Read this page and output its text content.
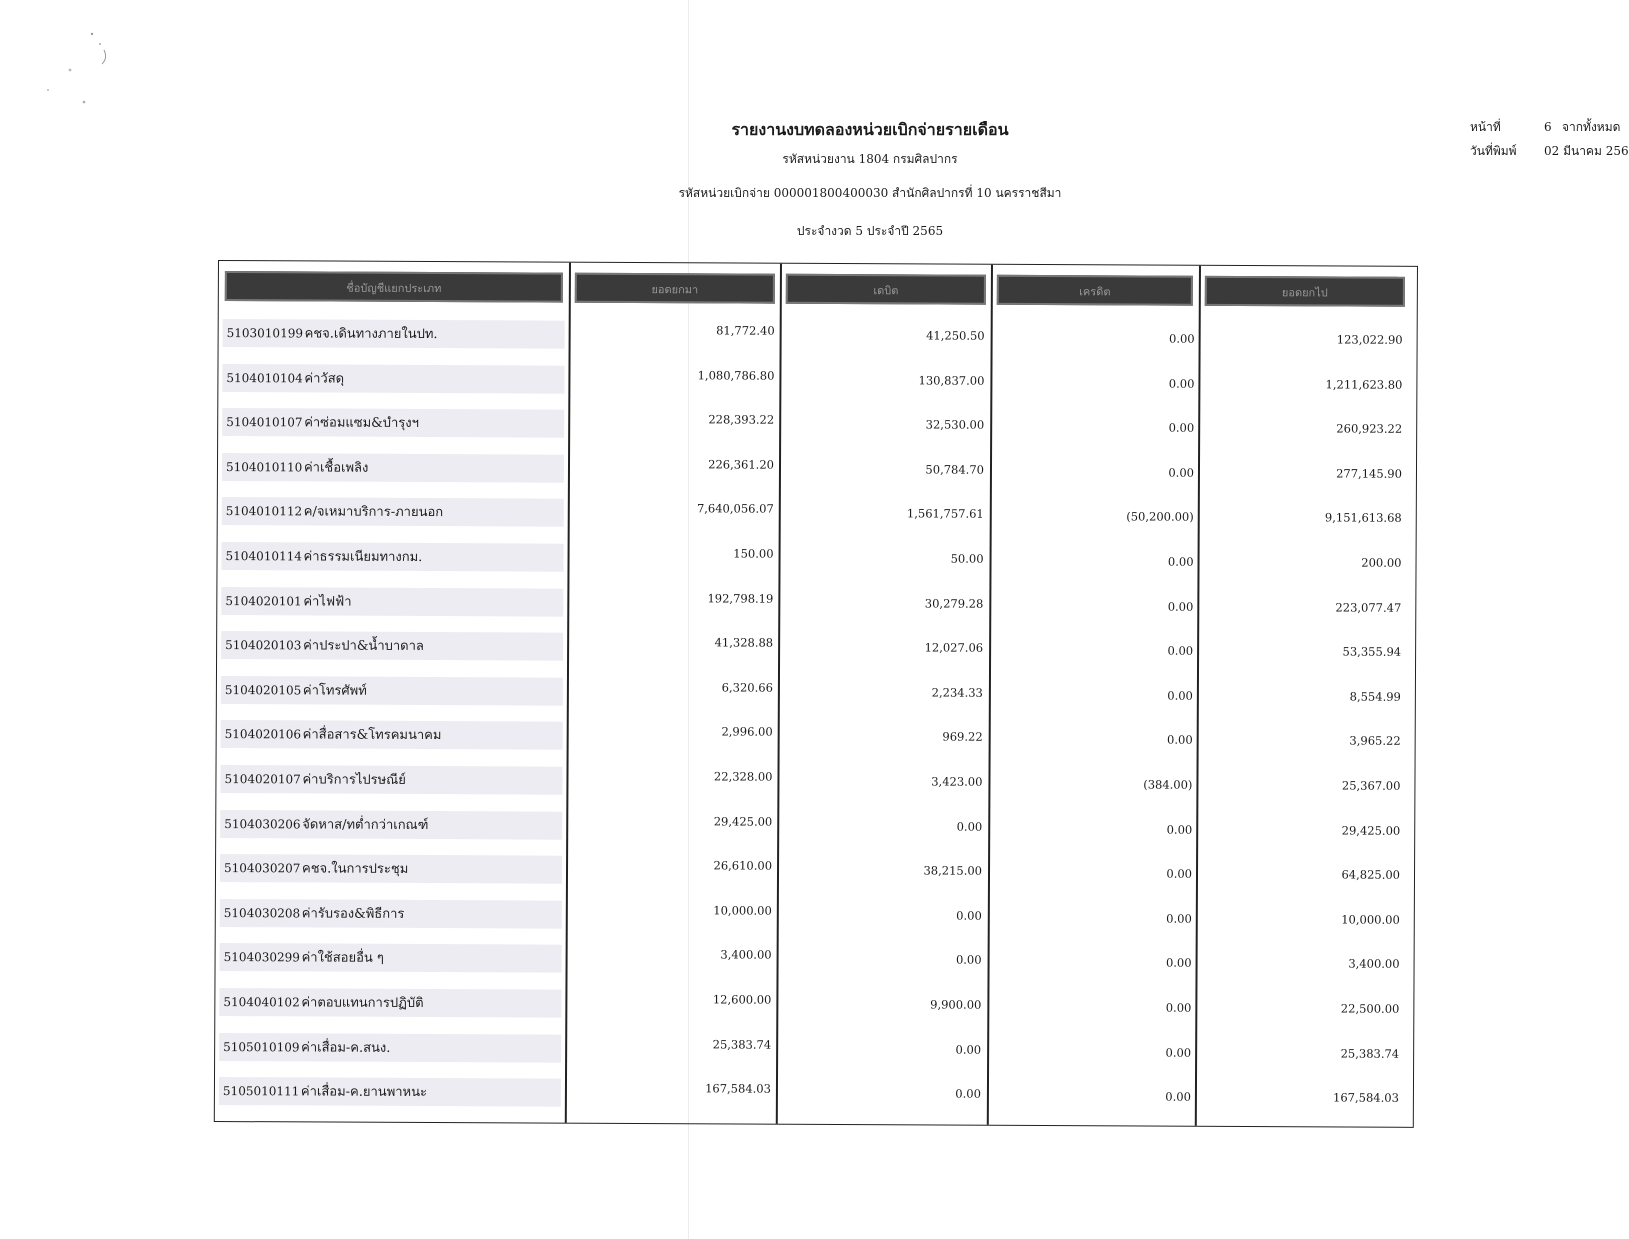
รายงานงบทดลองหน่วยเบิกจ่ายรายเดือน
รหัสหน่วยงาน 1804 กรมศิลปากร
รหัสหน่วยเบิกจ่าย 000001800400030 สำนักศิลปากรที่ 10 นครราชสีมา
ประจำงวด 5 ประจำปี 2565
หน้าที่	6 จากทั้งหมด
วันที่พิมพ์ 02 มีนาคม 256
ชื่อบัญชีแยกประเภท	ยอดยกมา	เดบิต	เครดิต	ยอดยกไป
5103010199 คชจ.เดินทางภายในปท.	81,772.40	41,250.50	0.00	123,022.90
5104010104 ค่าวัสดุ	1,080,786.80	130,837.00	0.00	1,211,623.80
5104010107 ค่าซ่อมแซม&บำรุงฯ	228,393.22	32,530.00	0.00	260,923.22
5104010110 ค่าเชื้อเพลิง	226,361.20	50,784.70	0.00	277,145.90
5104010112 ค/จเหมาบริการ-ภายนอก	7,640,056.07	1,561,757.61	(50,200.00)	9,151,613.68
5104010114 ค่าธรรมเนียมทางกม.	150.00	50.00	0.00	200.00
5104020101 ค่าไฟฟ้า	192,798.19	30,279.28	0.00	223,077.47
5104020103 ค่าประปา&น้ำบาดาล	41,328.88	12,027.06	0.00	53,355.94
5104020105 ค่าโทรศัพท์	6,320.66	2,234.33	0.00	8,554.99
5104020106 ค่าสื่อสาร&โทรคมนาคม	2,996.00	969.22	0.00	3,965.22
5104020107 ค่าบริการไปรษณีย์	22,328.00	3,423.00	(384.00)	25,367.00
5104030206 จัดหาส/ทต่ำกว่าเกณฑ์	29,425.00	0.00	0.00	29,425.00
5104030207 คชจ.ในการประชุม	26,610.00	38,215.00	0.00	64,825.00
5104030208 ค่ารับรอง&พิธีการ	10,000.00	0.00	0.00	10,000.00
5104030299 ค่าใช้สอยอื่น ๆ	3,400.00	0.00	0.00	3,400.00
5104040102 ค่าตอบแทนการปฏิบัติ	12,600.00	9,900.00	0.00	22,500.00
5105010109 ค่าเสื่อม-ค.สนง.	25,383.74	0.00	0.00	25,383.74
5105010111 ค่าเสื่อม-ค.ยานพาหนะ	167,584.03	0.00	0.00	167,584.03
